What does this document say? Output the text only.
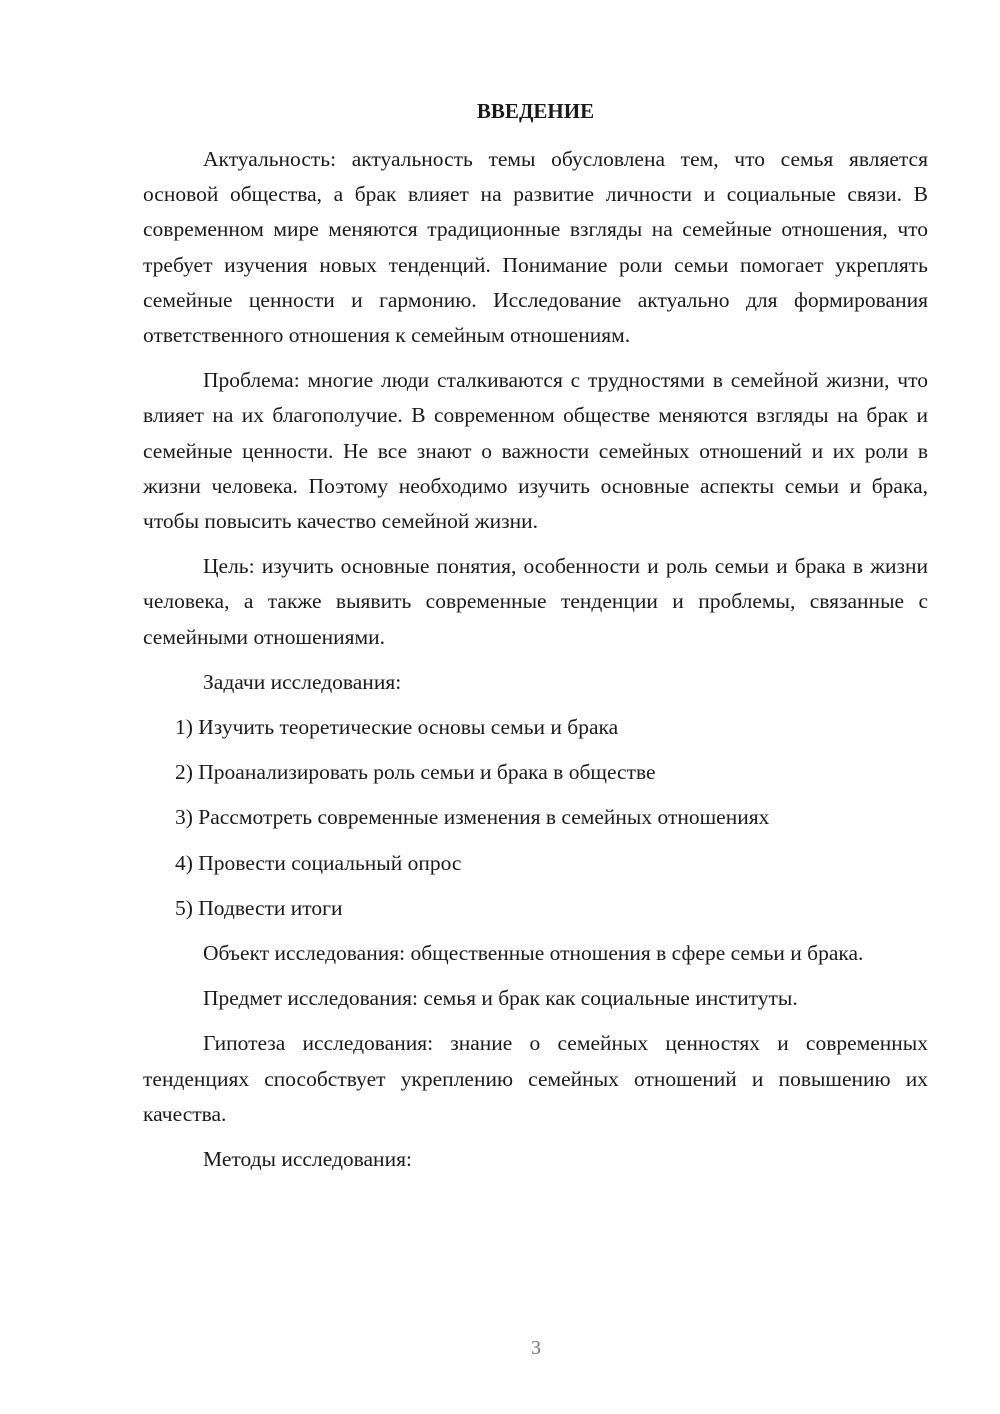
ВВЕДЕНИЕ

Актуальность: актуальность темы обусловлена тем, что семья является основой общества, а брак влияет на развитие личности и социальные связи. В современном мире меняются традиционные взгляды на семейные отношения, что требует изучения новых тенденций. Понимание роли семьи помогает укреплять семейные ценности и гармонию. Исследование актуально для формирования ответственного отношения к семейным отношениям.

Проблема: многие люди сталкиваются с трудностями в семейной жизни, что влияет на их благополучие. В современном обществе меняются взгляды на брак и семейные ценности. Не все знают о важности семейных отношений и их роли в жизни человека. Поэтому необходимо изучить основные аспекты семьи и брака, чтобы повысить качество семейной жизни.

Цель: изучить основные понятия, особенности и роль семьи и брака в жизни человека, а также выявить современные тенденции и проблемы, связанные с семейными отношениями.

Задачи исследования:

1) Изучить теоретические основы семьи и брака

2) Проанализировать роль семьи и брака в обществе

3) Рассмотреть современные изменения в семейных отношениях

4) Провести социальный опрос

5) Подвести итоги

Объект исследования: общественные отношения в сфере семьи и брака.

Предмет исследования: семья и брак как социальные институты.

Гипотеза исследования: знание о семейных ценностях и современных тенденциях способствует укреплению семейных отношений и повышению их качества.

Методы исследования:

3
